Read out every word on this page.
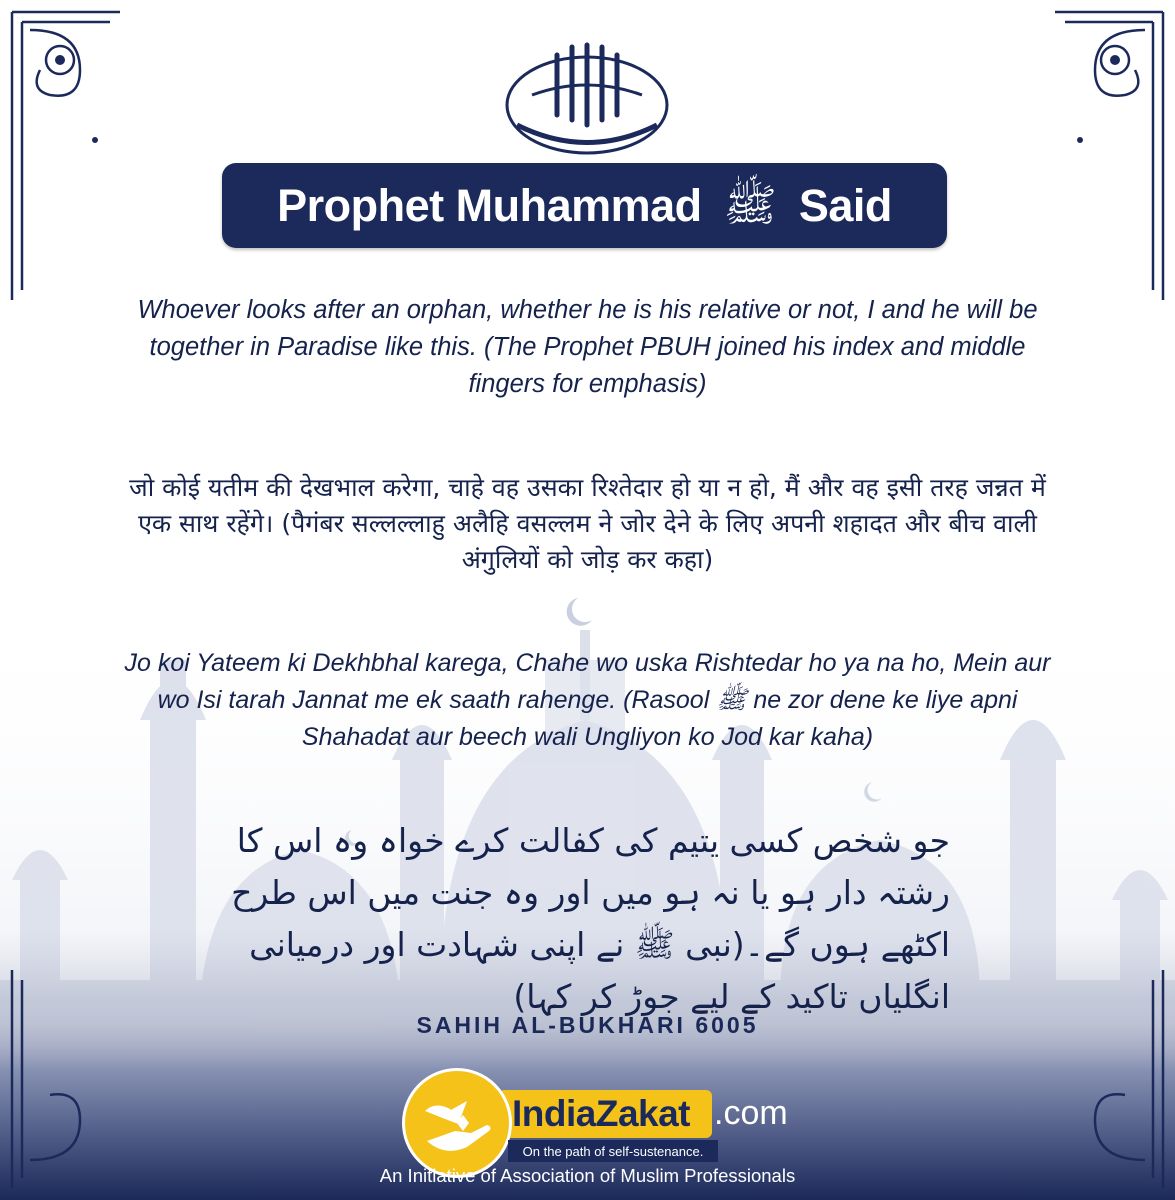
Prophet Muhammad ﷺ Said
Whoever looks after an orphan, whether he is his relative or not, I and he will be together in Paradise like this. (The Prophet PBUH joined his index and middle fingers for emphasis)
जो कोई यतीम की देखभाल करेगा, चाहे वह उसका रिश्तेदार हो या न हो, मैं और वह इसी तरह जन्नत में एक साथ रहेंगे। (पैगंबर सल्लल्लाहु अलैहि वसल्लम ने जोर देने के लिए अपनी शहादत और बीच वाली अंगुलियों को जोड़ कर कहा)
Jo koi Yateem ki Dekhbhal karega, Chahe wo uska Rishtedar ho ya na ho, Mein aur wo Isi tarah Jannat me ek saath rahenge. (Rasool ﷺ ne zor dene ke liye apni Shahadat aur beech wali Ungliyon ko Jod kar kaha)
جو شخص کسی یتیم کی کفالت کرے خواہ وہ اس کا رشتہ دار ہو یا نہ ہو میں اور وہ جنت میں اس طرح اکٹھے ہوں گے۔(نبی ﷺ نے اپنی شہادت اور درمیانی انگلیاں تاکید کے لیے جوڑ کر کہا)
SAHIH AL-BUKHARI 6005
IndiaZakat .com
On the path of self-sustenance.
An Initiative of Association of Muslim Professionals
